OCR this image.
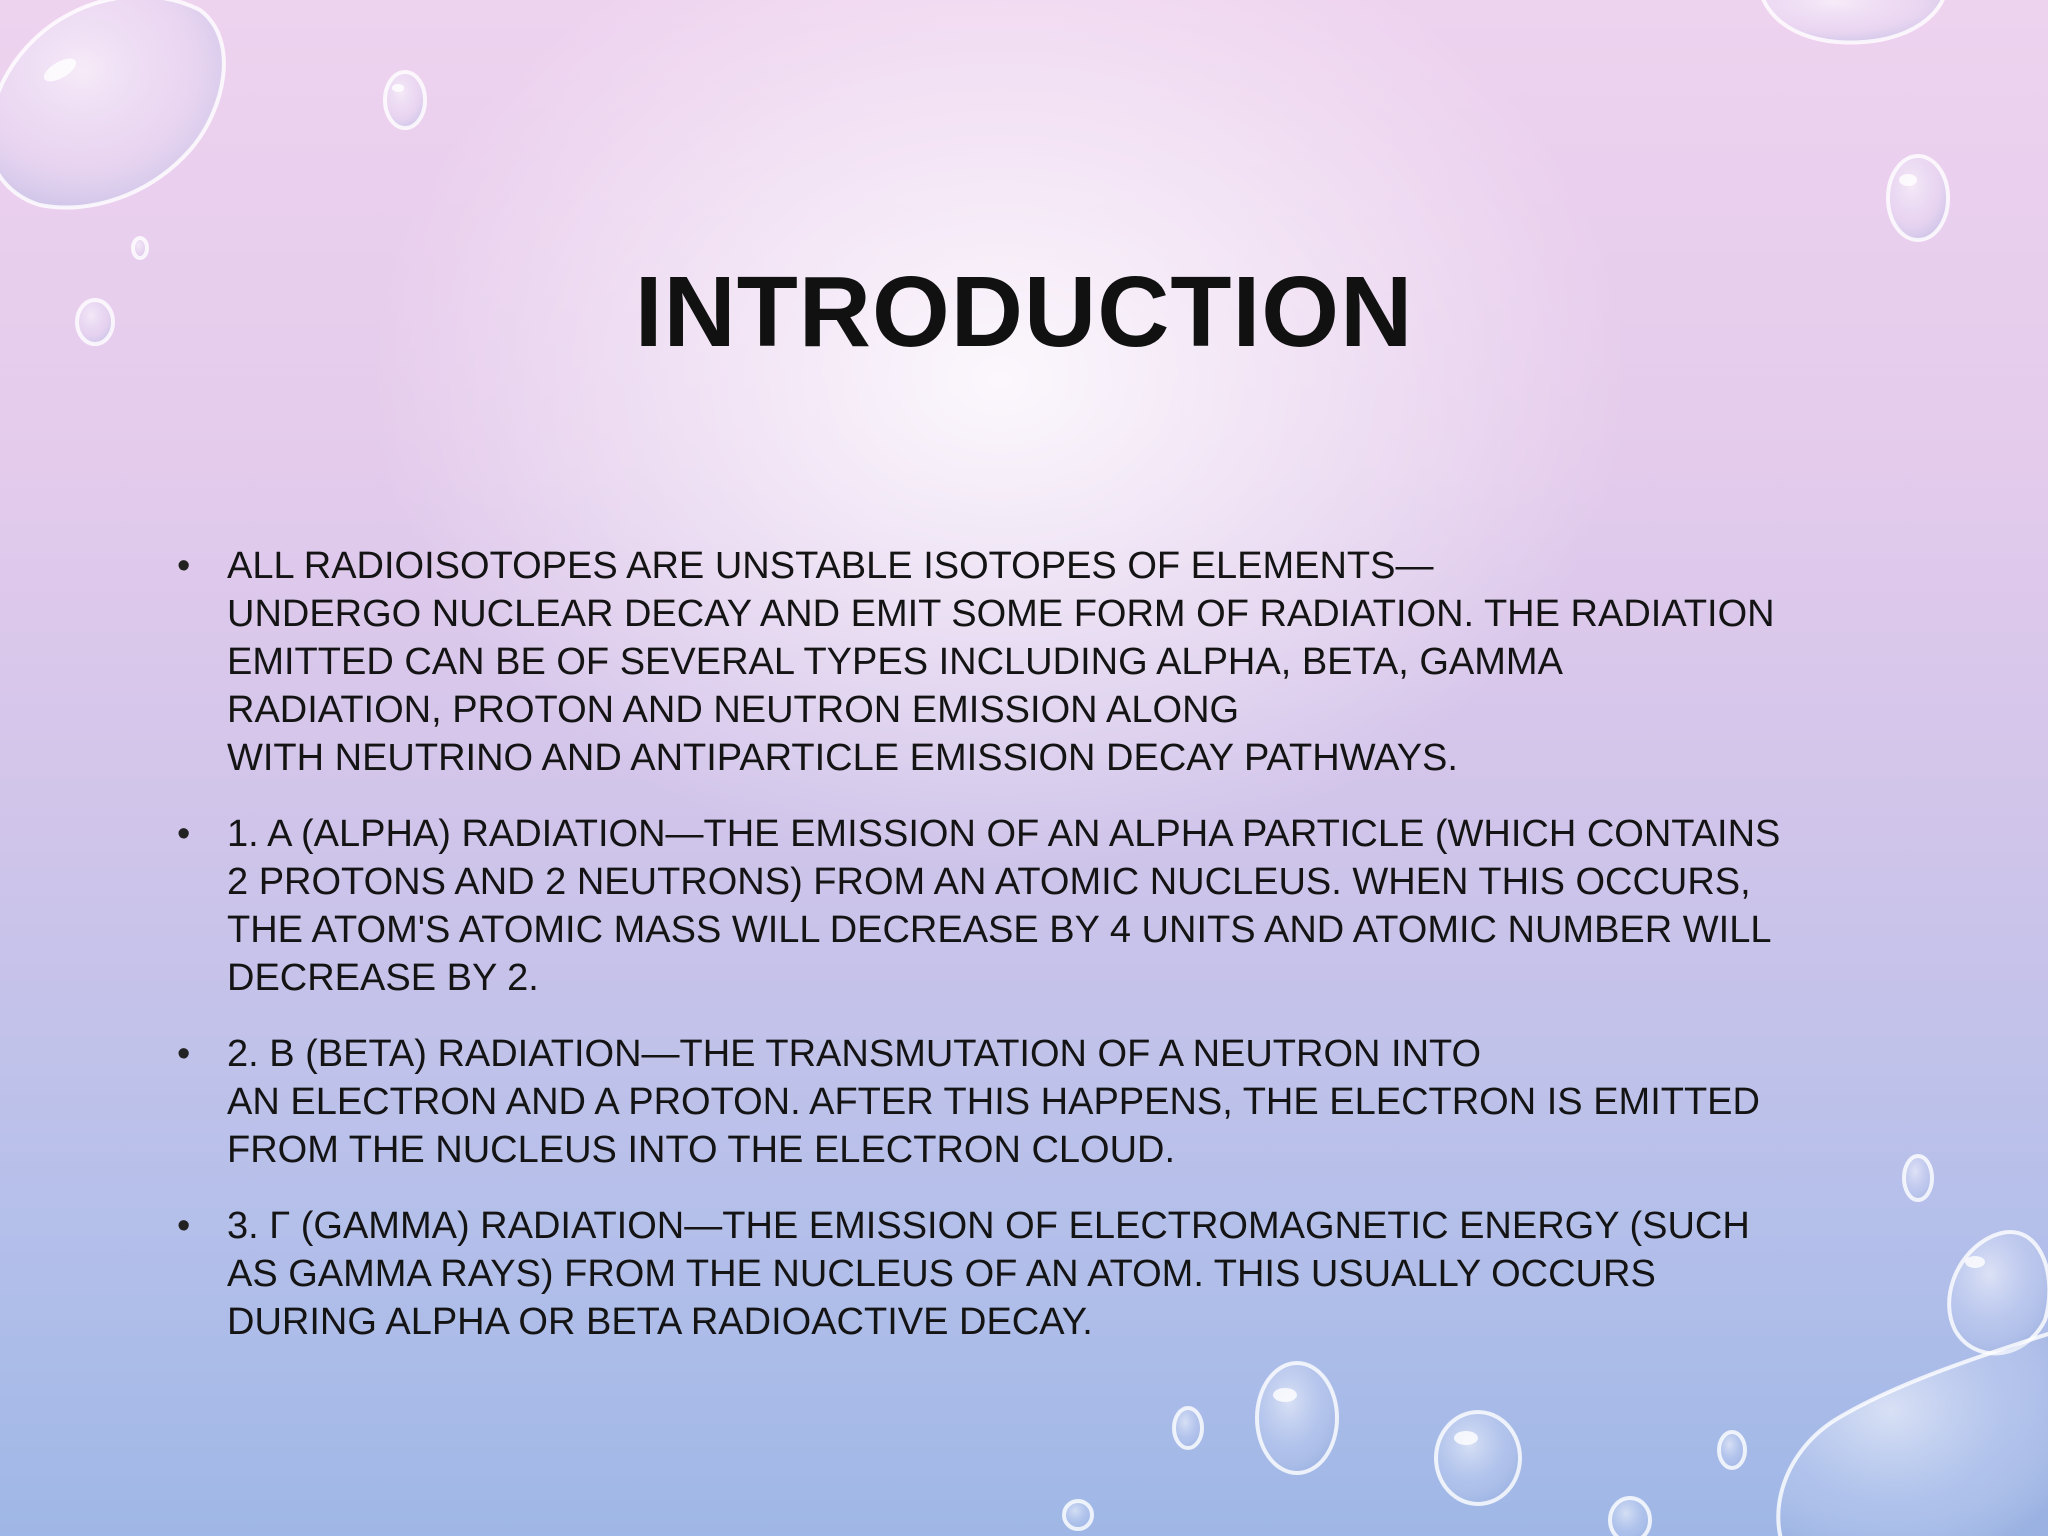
INTRODUCTION
• ALL RADIOISOTOPES ARE UNSTABLE ISOTOPES OF ELEMENTS—
UNDERGO NUCLEAR DECAY AND EMIT SOME FORM OF RADIATION. THE RADIATION
EMITTED CAN BE OF SEVERAL TYPES INCLUDING ALPHA, BETA, GAMMA
RADIATION, PROTON AND NEUTRON EMISSION ALONG
WITH NEUTRINO AND ANTIPARTICLE EMISSION DECAY PATHWAYS.
• 1. Α (ALPHA) RADIATION—THE EMISSION OF AN ALPHA PARTICLE (WHICH CONTAINS
2 PROTONS AND 2 NEUTRONS) FROM AN ATOMIC NUCLEUS. WHEN THIS OCCURS,
THE ATOM'S ATOMIC MASS WILL DECREASE BY 4 UNITS AND ATOMIC NUMBER WILL
DECREASE BY 2.
• 2. Β (BETA) RADIATION—THE TRANSMUTATION OF A NEUTRON INTO
AN ELECTRON AND A PROTON. AFTER THIS HAPPENS, THE ELECTRON IS EMITTED
FROM THE NUCLEUS INTO THE ELECTRON CLOUD.
• 3. Γ (GAMMA) RADIATION—THE EMISSION OF ELECTROMAGNETIC ENERGY (SUCH
AS GAMMA RAYS) FROM THE NUCLEUS OF AN ATOM. THIS USUALLY OCCURS
DURING ALPHA OR BETA RADIOACTIVE DECAY.
